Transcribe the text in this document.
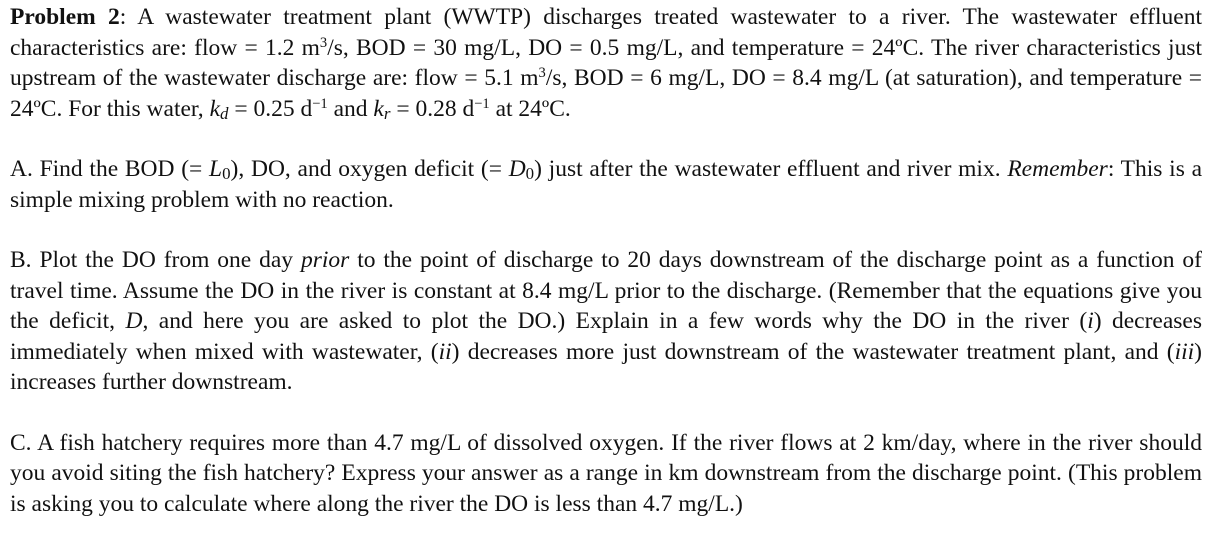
Problem 2: A wastewater treatment plant (WWTP) discharges treated wastewater to a river. The wastewater effluent characteristics are: flow = 1.2 $m^3/s$, BOD = 30 mg/L, DO = 0.5 mg/L, and temperature = 24ºC. The river characteristics just upstream of the wastewater discharge are: flow = 5.1 $m^3/s$, BOD = 6 mg/L, DO = 8.4 mg/L (at saturation), and temperature = 24ºC. For this water, $k_d = 0.25$ $d^{-1}$ and $k_r = 0.28$ $d^{-1}$ at 24ºC.

A. Find the BOD (= $L_0$), DO, and oxygen deficit (= $D_0$) just after the wastewater effluent and river mix. Remember: This is a simple mixing problem with no reaction.

B. Plot the DO from one day prior to the point of discharge to 20 days downstream of the discharge point as a function of travel time. Assume the DO in the river is constant at 8.4 mg/L prior to the discharge. (Remember that the equations give you the deficit, D, and here you are asked to plot the DO.) Explain in a few words why the DO in the river (i) decreases immediately when mixed with wastewater, (ii) decreases more just downstream of the wastewater treatment plant, and (iii) increases further downstream.

C. A fish hatchery requires more than 4.7 mg/L of dissolved oxygen. If the river flows at 2 km/day, where in the river should you avoid siting the fish hatchery? Express your answer as a range in km downstream from the discharge point. (This problem is asking you to calculate where along the river the DO is less than 4.7 mg/L.)
